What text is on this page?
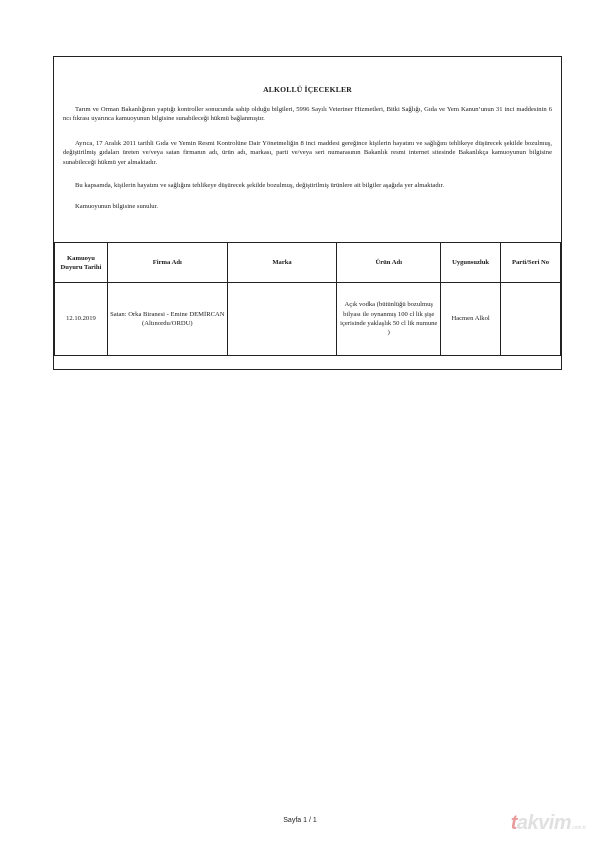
ALKOLLÜ İÇECEKLER
Tarım ve Orman Bakanlığının yaptığı kontroller sonucunda sahip olduğu bilgileri, 5996 Sayılı Veteriner Hizmetleri, Bitki Sağlığı, Gıda ve Yem Kanun’unun 31 inci maddesinin 6 ncı fıkrası uyarınca kamuoyunun bilgisine sunabileceği hükmü bağlanmıştır.
Ayrıca, 17 Aralık 2011 tarihli Gıda ve Yemin Resmi Kontrolüne Dair Yönetmeliğin 8 inci maddesi gereğince kişilerin hayatını ve sağlığını tehlikeye düşürecek şekilde bozulmuş, değiştirilmiş gıdaları üreten ve/veya satan firmanın adı, ürün adı, markası, parti ve/veya seri numarasının Bakanlık resmi internet sitesinde Bakanlıkça kamuoyunun bilgisine sunabileceği hükmü yer almaktadır.
Bu kapsamda, kişilerin hayatını ve sağlığını tehlikeye düşürecek şekilde bozulmuş, değiştirilmiş ürünlere ait bilgiler aşağıda yer almaktadır.
Kamuoyunun bilgisine sunulur.
Kamuoyu Duyuru Tarihi	Firma Adı	Marka	Ürün Adı	Uygunsuzluk	Parti/Seri No
12.10.2019	Satan: Orka Biranesi - Emine DEMİRCAN (Altınordu/ORDU)		Açık vodka (bütünlüğü bozulmuş bilyası ile oynanmış 100 cl lik şişe içerisinde yaklaşlık 50 cl lik numune )	Hacmen Alkol	
Sayfa 1 / 1	takvim com.tr
